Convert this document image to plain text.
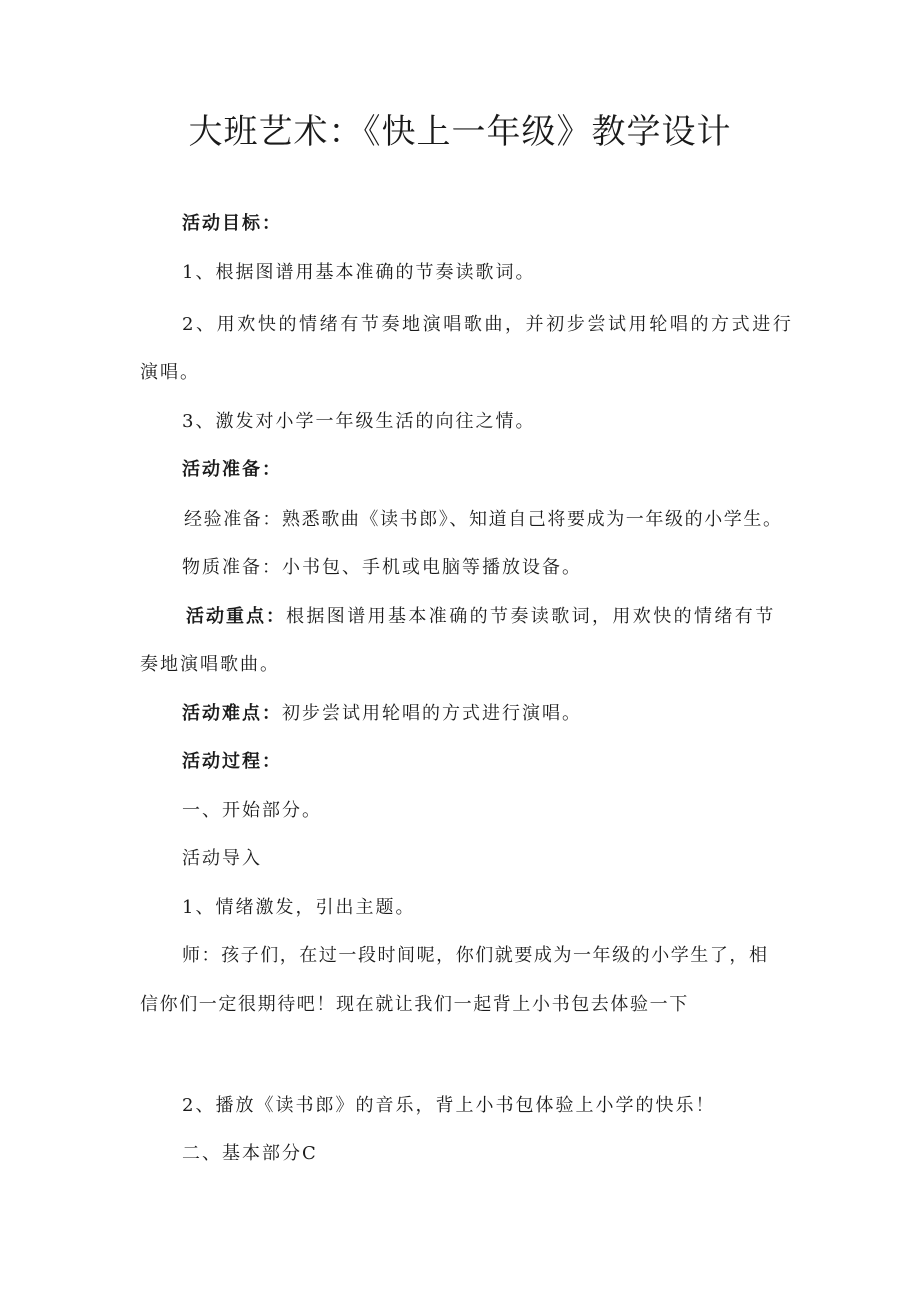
大班艺术：《快上一年级》教学设计
活动目标：
1、根据图谱用基本准确的节奏读歌词。
2、用欢快的情绪有节奏地演唱歌曲，并初步尝试用轮唱的方式进行
演唱。
3、激发对小学一年级生活的向往之情。
活动准备：
经验准备：熟悉歌曲《读书郎》、知道自己将要成为一年级的小学生。
物质准备：小书包、手机或电脑等播放设备。
活动重点：根据图谱用基本准确的节奏读歌词，用欢快的情绪有节
奏地演唱歌曲。
活动难点：初步尝试用轮唱的方式进行演唱。
活动过程：
一、开始部分。
活动导入
1、情绪激发，引出主题。
师：孩子们，在过一段时间呢，你们就要成为一年级的小学生了，相
信你们一定很期待吧！现在就让我们一起背上小书包去体验一下
2、播放《读书郎》的音乐，背上小书包体验上小学的快乐！
二、基本部分C
